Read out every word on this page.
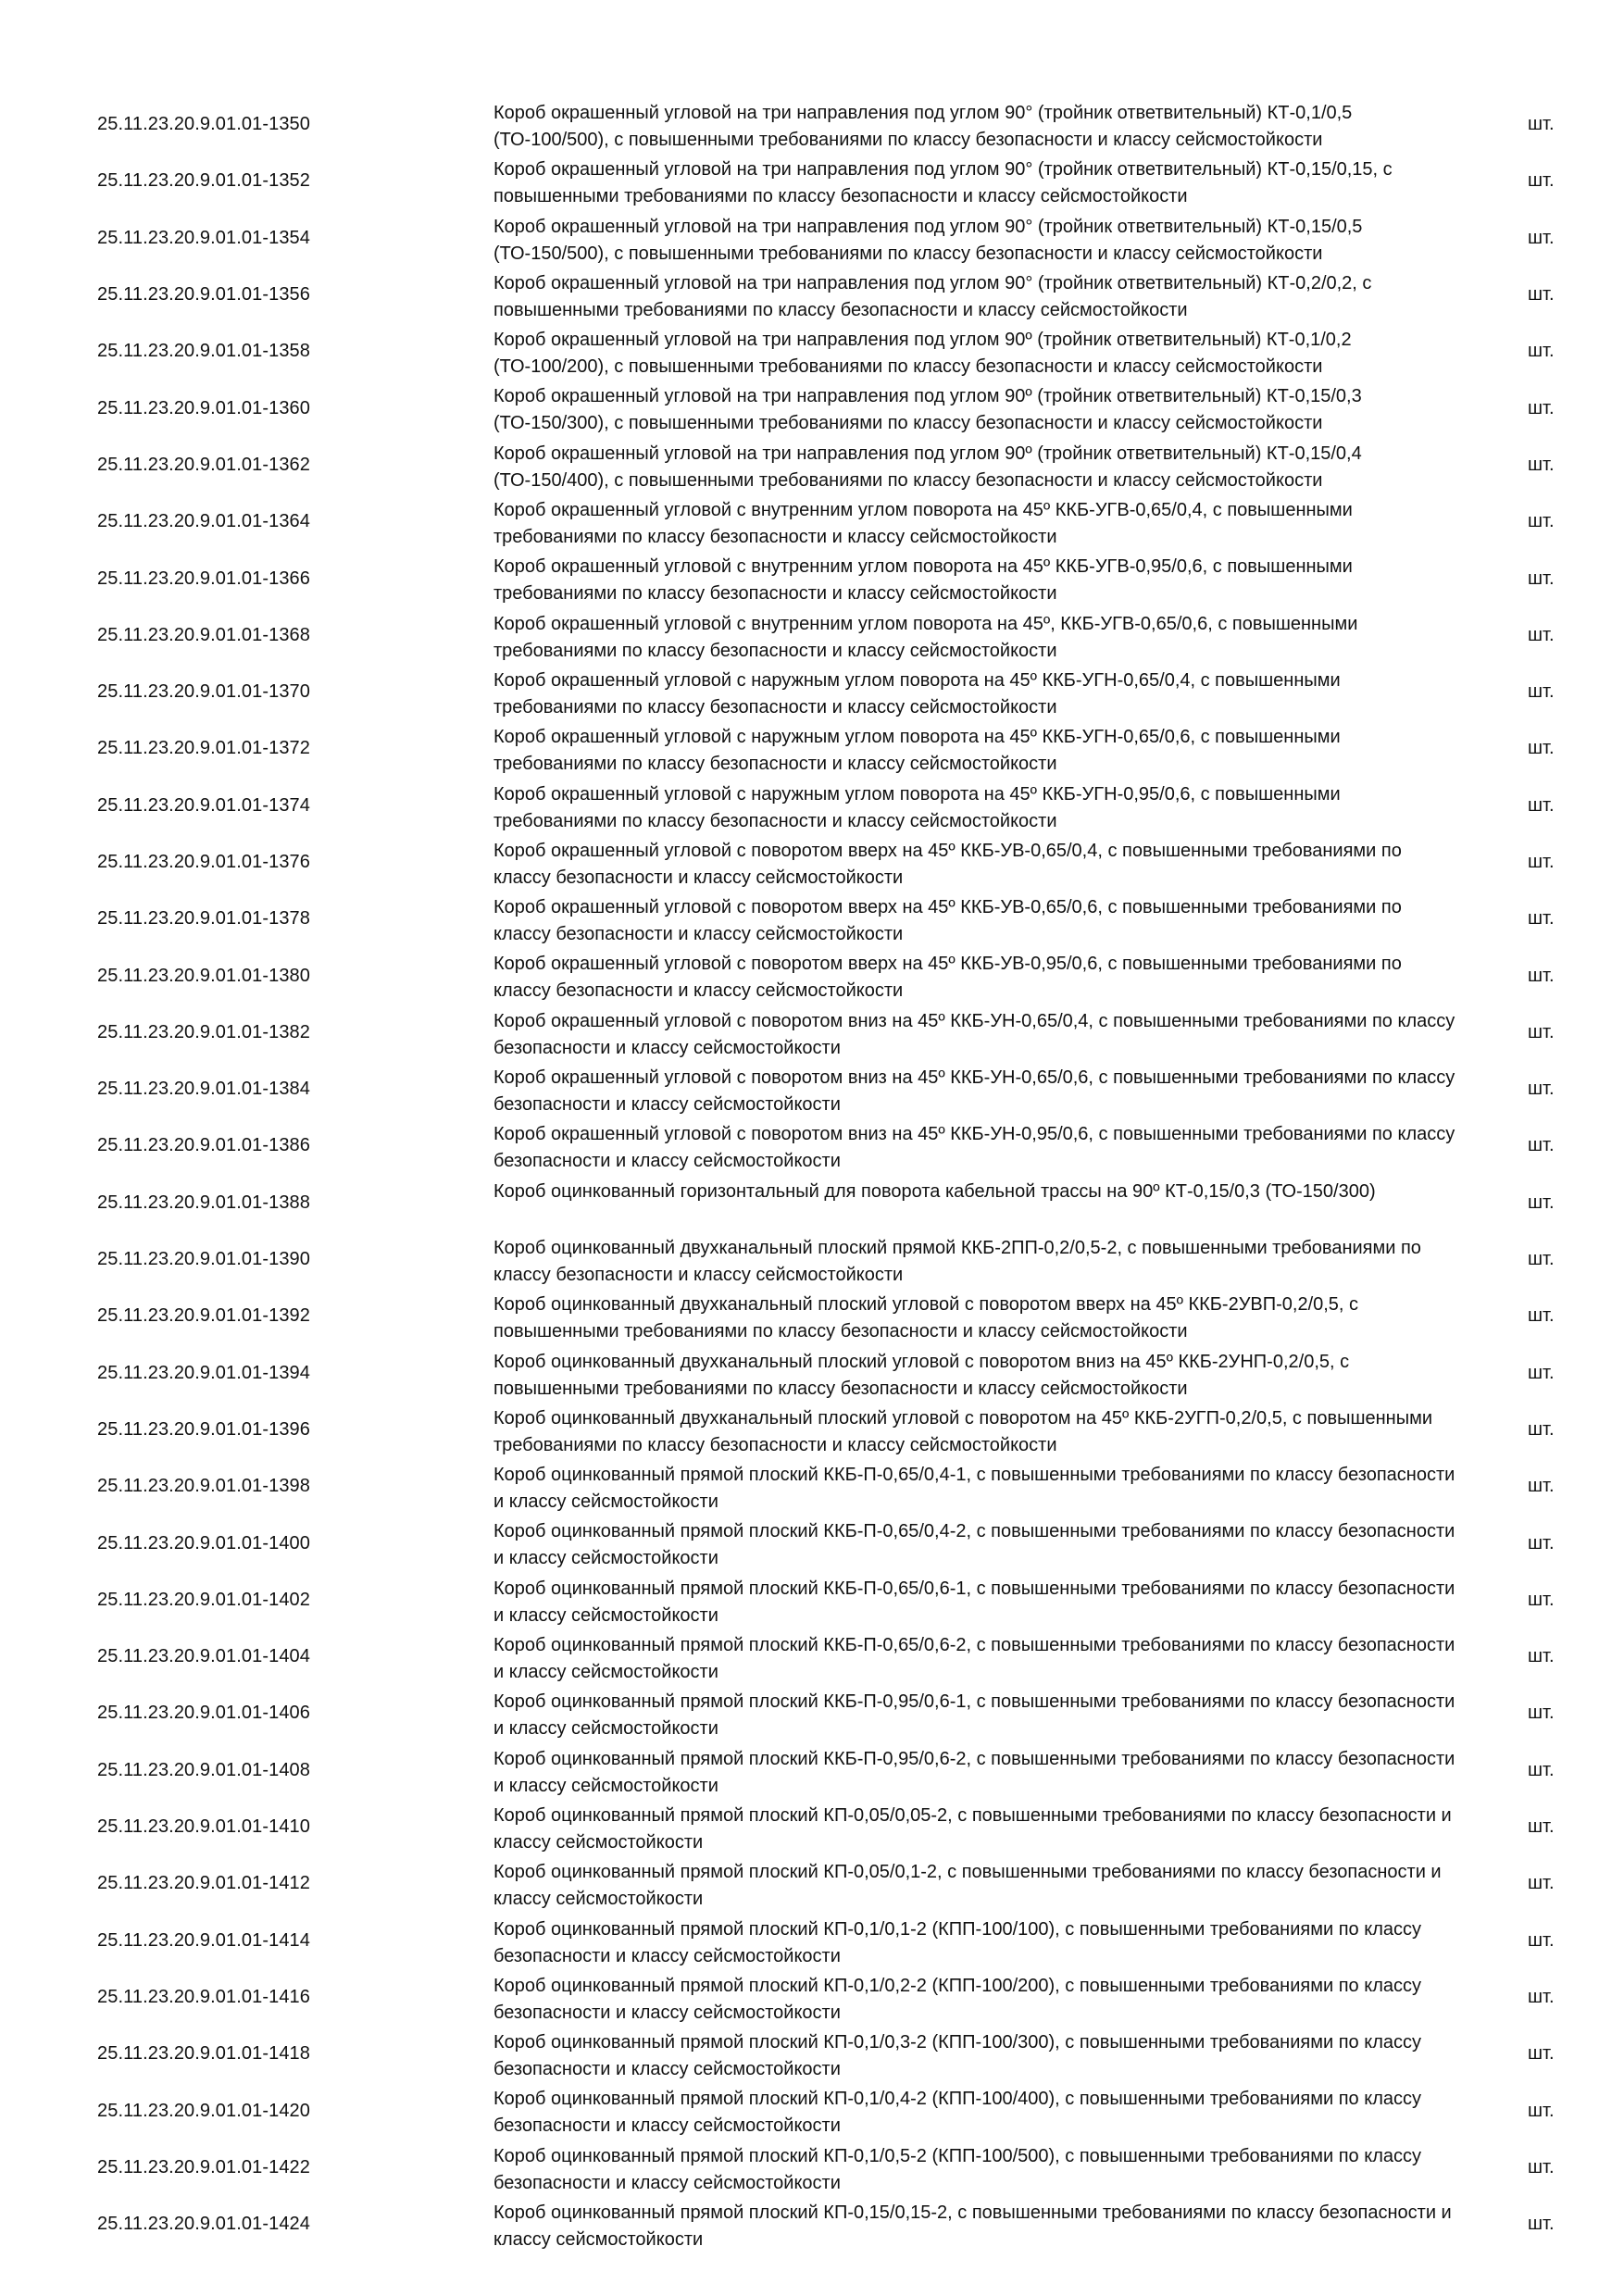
25.11.23.20.9.01.01-1350
Короб окрашенный угловой на три направления под углом 90° (тройник ответвительный) КТ-0,1/0,5 (ТО-100/500), с повышенными требованиями по классу безопасности и классу сейсмостойкости
шт.
25.11.23.20.9.01.01-1352
Короб окрашенный угловой на три направления под углом 90° (тройник ответвительный) КТ-0,15/0,15, с повышенными требованиями по классу безопасности и классу сейсмостойкости
шт.
25.11.23.20.9.01.01-1354
Короб окрашенный угловой на три направления под углом 90° (тройник ответвительный) КТ-0,15/0,5 (ТО-150/500), с повышенными требованиями по классу безопасности и классу сейсмостойкости
шт.
25.11.23.20.9.01.01-1356
Короб окрашенный угловой на три направления под углом 90° (тройник ответвительный) КТ-0,2/0,2, с повышенными требованиями по классу безопасности и классу сейсмостойкости
шт.
25.11.23.20.9.01.01-1358
Короб окрашенный угловой на три направления под углом 90º (тройник ответвительный) КТ-0,1/0,2 (ТО-100/200), с повышенными требованиями по классу безопасности и классу сейсмостойкости
шт.
25.11.23.20.9.01.01-1360
Короб окрашенный угловой на три направления под углом 90º (тройник ответвительный) КТ-0,15/0,3 (ТО-150/300), с повышенными требованиями по классу безопасности и классу сейсмостойкости
шт.
25.11.23.20.9.01.01-1362
Короб окрашенный угловой на три направления под углом 90º (тройник ответвительный) КТ-0,15/0,4 (ТО-150/400), с повышенными требованиями по классу безопасности и классу сейсмостойкости
шт.
25.11.23.20.9.01.01-1364
Короб окрашенный угловой с внутренним углом поворота на 45º ККБ-УГВ-0,65/0,4, с повышенными требованиями по классу безопасности и классу сейсмостойкости
шт.
25.11.23.20.9.01.01-1366
Короб окрашенный угловой с внутренним углом поворота на 45º ККБ-УГВ-0,95/0,6, с повышенными требованиями по классу безопасности и классу сейсмостойкости
шт.
25.11.23.20.9.01.01-1368
Короб окрашенный угловой с внутренним углом поворота на 45º, ККБ-УГВ-0,65/0,6, с повышенными требованиями по классу безопасности и классу сейсмостойкости
шт.
25.11.23.20.9.01.01-1370
Короб окрашенный угловой с наружным углом поворота на 45º ККБ-УГН-0,65/0,4, с повышенными требованиями по классу безопасности и классу сейсмостойкости
шт.
25.11.23.20.9.01.01-1372
Короб окрашенный угловой с наружным углом поворота на 45º ККБ-УГН-0,65/0,6, с повышенными требованиями по классу безопасности и классу сейсмостойкости
шт.
25.11.23.20.9.01.01-1374
Короб окрашенный угловой с наружным углом поворота на 45º ККБ-УГН-0,95/0,6, с повышенными требованиями по классу безопасности и классу сейсмостойкости
шт.
25.11.23.20.9.01.01-1376
Короб окрашенный угловой с поворотом вверх на 45º ККБ-УВ-0,65/0,4, с повышенными требованиями по классу безопасности и классу сейсмостойкости
шт.
25.11.23.20.9.01.01-1378
Короб окрашенный угловой с поворотом вверх на 45º ККБ-УВ-0,65/0,6, с повышенными требованиями по классу безопасности и классу сейсмостойкости
шт.
25.11.23.20.9.01.01-1380
Короб окрашенный угловой с поворотом вверх на 45º ККБ-УВ-0,95/0,6, с повышенными требованиями по классу безопасности и классу сейсмостойкости
шт.
25.11.23.20.9.01.01-1382
Короб окрашенный угловой с поворотом вниз на 45º ККБ-УН-0,65/0,4, с повышенными требованиями по классу безопасности и классу сейсмостойкости
шт.
25.11.23.20.9.01.01-1384
Короб окрашенный угловой с поворотом вниз на 45º ККБ-УН-0,65/0,6, с повышенными требованиями по классу безопасности и классу сейсмостойкости
шт.
25.11.23.20.9.01.01-1386
Короб окрашенный угловой с поворотом вниз на 45º ККБ-УН-0,95/0,6, с повышенными требованиями по классу безопасности и классу сейсмостойкости
шт.
25.11.23.20.9.01.01-1388
Короб оцинкованный горизонтальный для поворота кабельной трассы на 90º КТ-0,15/0,3 (ТО-150/300)
шт.
25.11.23.20.9.01.01-1390
Короб оцинкованный двухканальный плоский прямой ККБ-2ПП-0,2/0,5-2, с повышенными требованиями по классу безопасности и классу сейсмостойкости
шт.
25.11.23.20.9.01.01-1392
Короб оцинкованный двухканальный плоский угловой с поворотом вверх на 45º ККБ-2УВП-0,2/0,5, с повышенными требованиями по классу безопасности и классу сейсмостойкости
шт.
25.11.23.20.9.01.01-1394
Короб оцинкованный двухканальный плоский угловой с поворотом вниз на 45º ККБ-2УНП-0,2/0,5, с повышенными требованиями по классу безопасности и классу сейсмостойкости
шт.
25.11.23.20.9.01.01-1396
Короб оцинкованный двухканальный плоский угловой с поворотом на 45º ККБ-2УГП-0,2/0,5, с повышенными требованиями по классу безопасности и классу сейсмостойкости
шт.
25.11.23.20.9.01.01-1398
Короб оцинкованный прямой плоский ККБ-П-0,65/0,4-1, с повышенными требованиями по классу безопасности и классу сейсмостойкости
шт.
25.11.23.20.9.01.01-1400
Короб оцинкованный прямой плоский ККБ-П-0,65/0,4-2, с повышенными требованиями по классу безопасности и классу сейсмостойкости
шт.
25.11.23.20.9.01.01-1402
Короб оцинкованный прямой плоский ККБ-П-0,65/0,6-1, с повышенными требованиями по классу безопасности и классу сейсмостойкости
шт.
25.11.23.20.9.01.01-1404
Короб оцинкованный прямой плоский ККБ-П-0,65/0,6-2, с повышенными требованиями по классу безопасности и классу сейсмостойкости
шт.
25.11.23.20.9.01.01-1406
Короб оцинкованный прямой плоский ККБ-П-0,95/0,6-1, с повышенными требованиями по классу безопасности и классу сейсмостойкости
шт.
25.11.23.20.9.01.01-1408
Короб оцинкованный прямой плоский ККБ-П-0,95/0,6-2, с повышенными требованиями по классу безопасности и классу сейсмостойкости
шт.
25.11.23.20.9.01.01-1410
Короб оцинкованный прямой плоский КП-0,05/0,05-2, с повышенными требованиями по классу безопасности и классу сейсмостойкости
шт.
25.11.23.20.9.01.01-1412
Короб оцинкованный прямой плоский КП-0,05/0,1-2, с повышенными требованиями по классу безопасности и классу сейсмостойкости
шт.
25.11.23.20.9.01.01-1414
Короб оцинкованный прямой плоский КП-0,1/0,1-2 (КПП-100/100), с повышенными требованиями по классу безопасности и классу сейсмостойкости
шт.
25.11.23.20.9.01.01-1416
Короб оцинкованный прямой плоский КП-0,1/0,2-2 (КПП-100/200), с повышенными требованиями по классу безопасности и классу сейсмостойкости
шт.
25.11.23.20.9.01.01-1418
Короб оцинкованный прямой плоский КП-0,1/0,3-2 (КПП-100/300), с повышенными требованиями по классу безопасности и классу сейсмостойкости
шт.
25.11.23.20.9.01.01-1420
Короб оцинкованный прямой плоский КП-0,1/0,4-2 (КПП-100/400), с повышенными требованиями по классу безопасности и классу сейсмостойкости
шт.
25.11.23.20.9.01.01-1422
Короб оцинкованный прямой плоский КП-0,1/0,5-2 (КПП-100/500), с повышенными требованиями по классу безопасности и классу сейсмостойкости
шт.
25.11.23.20.9.01.01-1424
Короб оцинкованный прямой плоский КП-0,15/0,15-2, с повышенными требованиями по классу безопасности и классу сейсмостойкости
шт.
